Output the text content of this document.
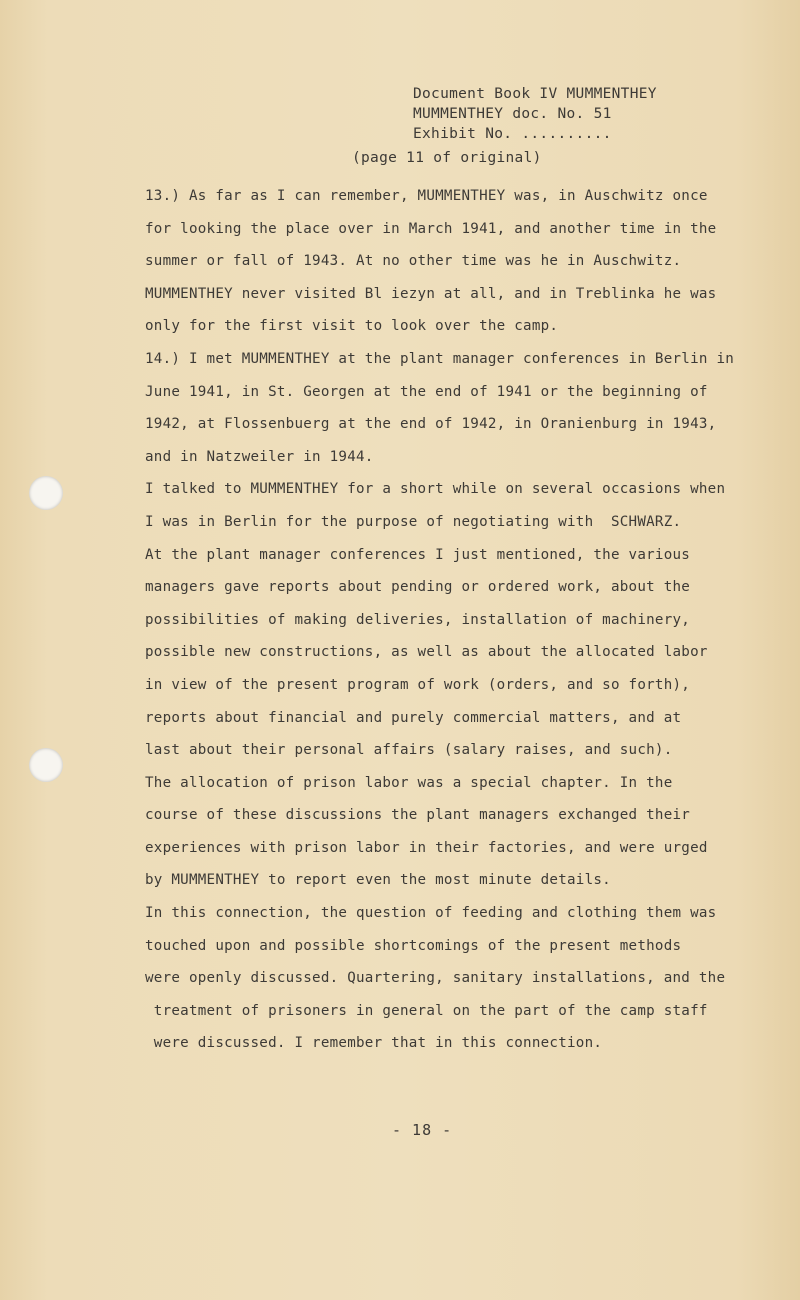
Document Book IV MUMMENTHEY
MUMMENTHEY doc. No. 51
Exhibit No. ..........
(page 11 of original)
13.) As far as I can remember, MUMMENTHEY was, in Auschwitz once
for looking the place over in March 1941, and another time in the
summer or fall of 1943. At no other time was he in Auschwitz.
MUMMENTHEY never visited Bl iezyn at all, and in Treblinka he was
only for the first visit to look over the camp.
14.) I met MUMMENTHEY at the plant manager conferences in Berlin in
June 1941, in St. Georgen at the end of 1941 or the beginning of
1942, at Flossenbuerg at the end of 1942, in Oranienburg in 1943,
and in Natzweiler in 1944.
I talked to MUMMENTHEY for a short while on several occasions when
I was in Berlin for the purpose of negotiating with  SCHWARZ.
At the plant manager conferences I just mentioned, the various
managers gave reports about pending or ordered work, about the
possibilities of making deliveries, installation of machinery,
possible new constructions, as well as about the allocated labor
in view of the present program of work (orders, and so forth),
reports about financial and purely commercial matters, and at
last about their personal affairs (salary raises, and such).
The allocation of prison labor was a special chapter. In the
course of these discussions the plant managers exchanged their
experiences with prison labor in their factories, and were urged
by MUMMENTHEY to report even the most minute details.
In this connection, the question of feeding and clothing them was
touched upon and possible shortcomings of the present methods
were openly discussed. Quartering, sanitary installations, and the
treatment of prisoners in general on the part of the camp staff
were discussed. I remember that in this connection.
- 18 -
